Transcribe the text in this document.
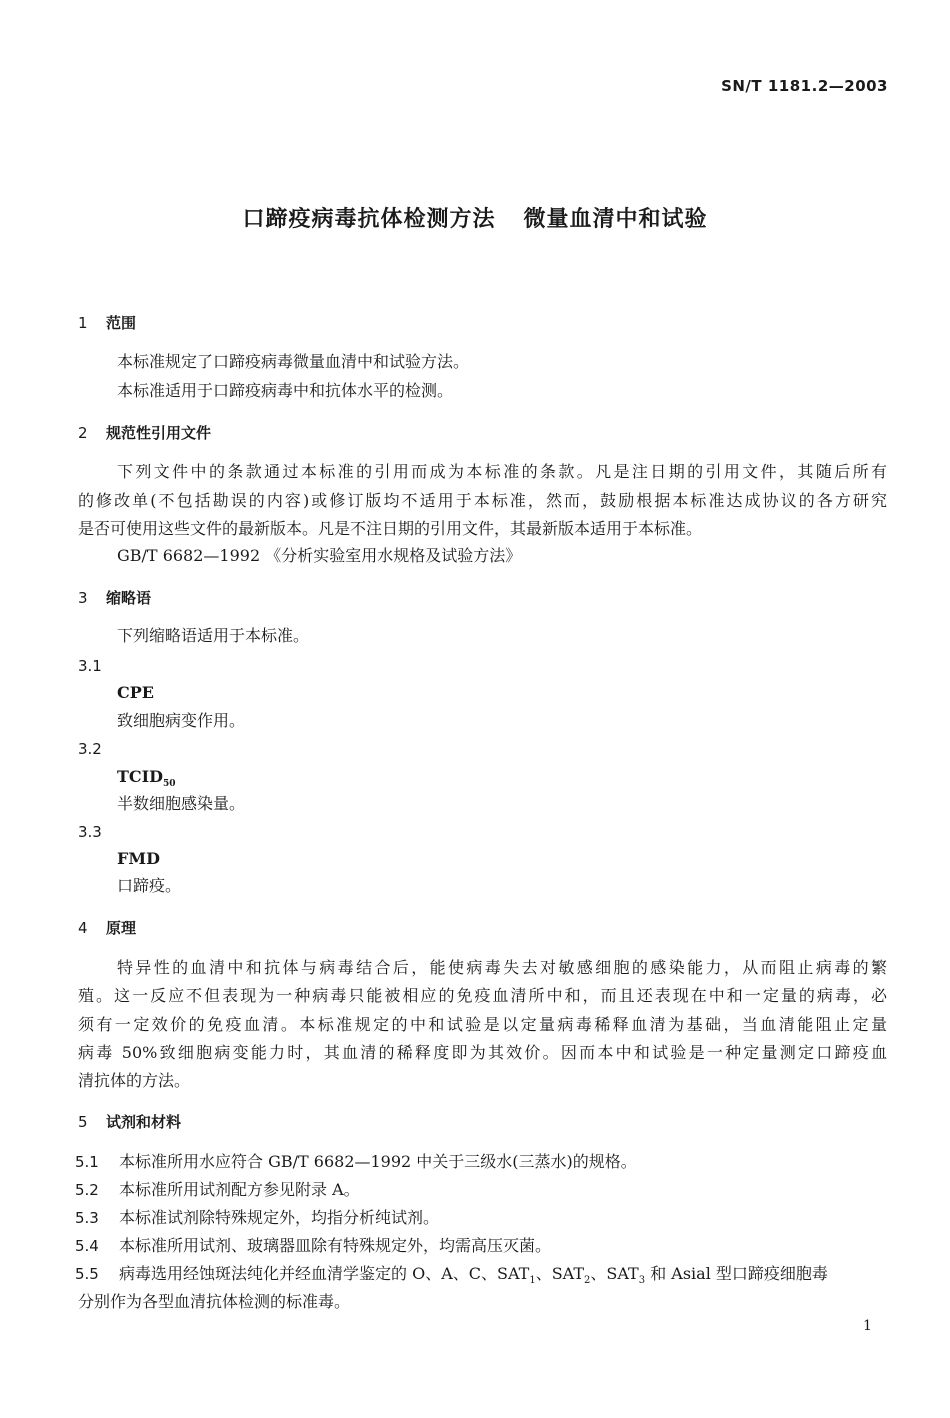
SN/T 1181.2—2003
口蹄疫病毒抗体检测方法 微量血清中和试验
1 范围
本标准规定了口蹄疫病毒微量血清中和试验方法。
本标准适用于口蹄疫病毒中和抗体水平的检测。
2 规范性引用文件
下列文件中的条款通过本标准的引用而成为本标准的条款。凡是注日期的引用文件，其随后所有
的修改单(不包括勘误的内容)或修订版均不适用于本标准，然而，鼓励根据本标准达成协议的各方研究
是否可使用这些文件的最新版本。凡是不注日期的引用文件，其最新版本适用于本标准。
GB/T 6682—1992 《分析实验室用水规格及试验方法》
3 缩略语
下列缩略语适用于本标准。
3.1
CPE
致细胞病变作用。
3.2
$TCID_{50}$
半数细胞感染量。
3.3
FMD
口蹄疫。
4 原理
特异性的血清中和抗体与病毒结合后，能使病毒失去对敏感细胞的感染能力，从而阻止病毒的繁
殖。这一反应不但表现为一种病毒只能被相应的免疫血清所中和，而且还表现在中和一定量的病毒，必
须有一定效价的免疫血清。本标准规定的中和试验是以定量病毒稀释血清为基础，当血清能阻止定量
病毒 50%致细胞病变能力时，其血清的稀释度即为其效价。因而本中和试验是一种定量测定口蹄疫血
清抗体的方法。
5 试剂和材料
5.1 本标准所用水应符合 GB/T 6682—1992 中关于三级水(三蒸水)的规格。
5.2 本标准所用试剂配方参见附录 A。
5.3 本标准试剂除特殊规定外，均指分析纯试剂。
5.4 本标准所用试剂、玻璃器皿除有特殊规定外，均需高压灭菌。
5.5 病毒选用经蚀斑法纯化并经血清学鉴定的 O、A、C、$SAT_1$、$SAT_2$、$SAT_3$ 和 Asial 型口蹄疫细胞毒
分别作为各型血清抗体检测的标准毒。
1
